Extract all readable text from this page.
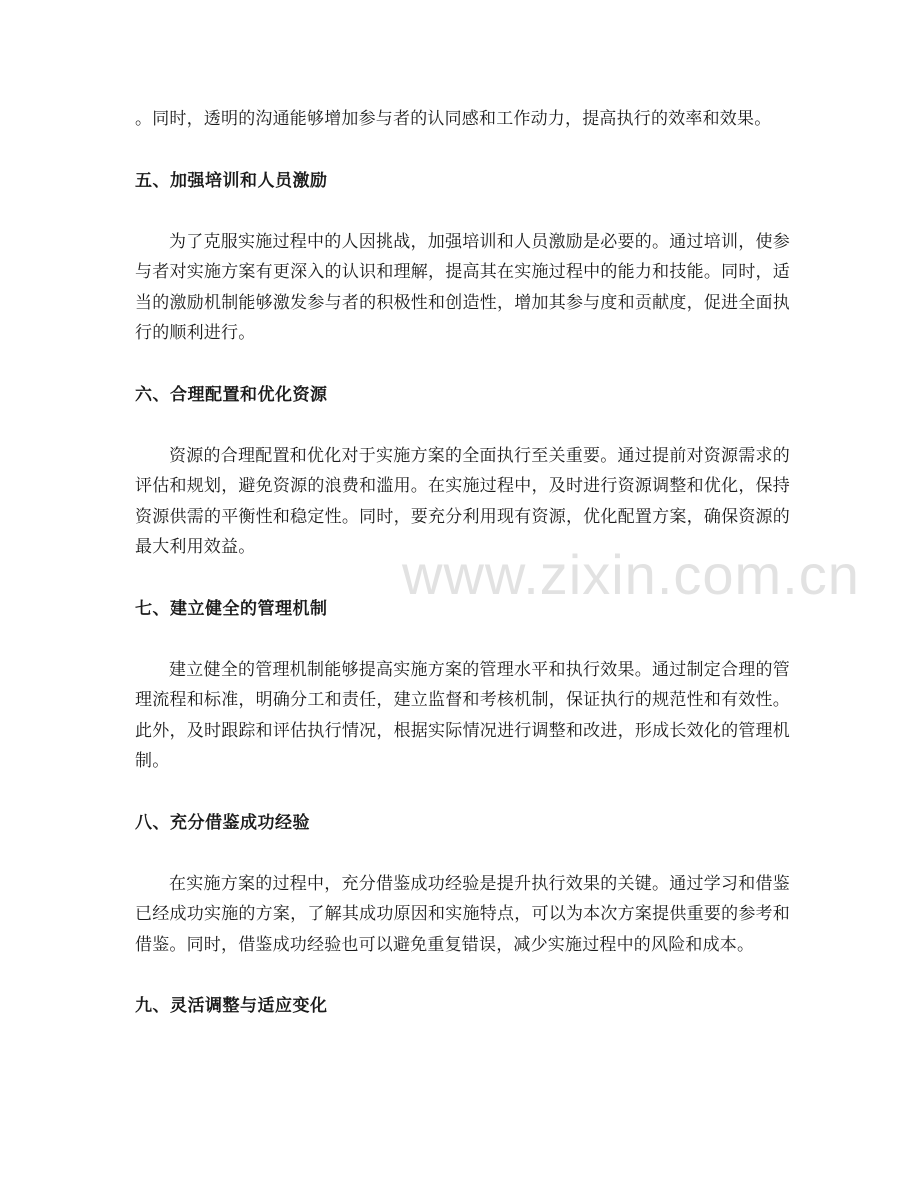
。同时，透明的沟通能够增加参与者的认同感和工作动力，提高执行的效率和效果。

五、加强培训和人员激励

为了克服实施过程中的人因挑战，加强培训和人员激励是必要的。通过培训，使参与者对实施方案有更深入的认识和理解，提高其在实施过程中的能力和技能。同时，适当的激励机制能够激发参与者的积极性和创造性，增加其参与度和贡献度，促进全面执行的顺利进行。

六、合理配置和优化资源

资源的合理配置和优化对于实施方案的全面执行至关重要。通过提前对资源需求的评估和规划，避免资源的浪费和滥用。在实施过程中，及时进行资源调整和优化，保持资源供需的平衡性和稳定性。同时，要充分利用现有资源，优化配置方案，确保资源的最大利用效益。

七、建立健全的管理机制

建立健全的管理机制能够提高实施方案的管理水平和执行效果。通过制定合理的管理流程和标准，明确分工和责任，建立监督和考核机制，保证执行的规范性和有效性。此外，及时跟踪和评估执行情况，根据实际情况进行调整和改进，形成长效化的管理机制。

八、充分借鉴成功经验

在实施方案的过程中，充分借鉴成功经验是提升执行效果的关键。通过学习和借鉴已经成功实施的方案，了解其成功原因和实施特点，可以为本次方案提供重要的参考和借鉴。同时，借鉴成功经验也可以避免重复错误，减少实施过程中的风险和成本。

九、灵活调整与适应变化
www.zixin.com.cn
